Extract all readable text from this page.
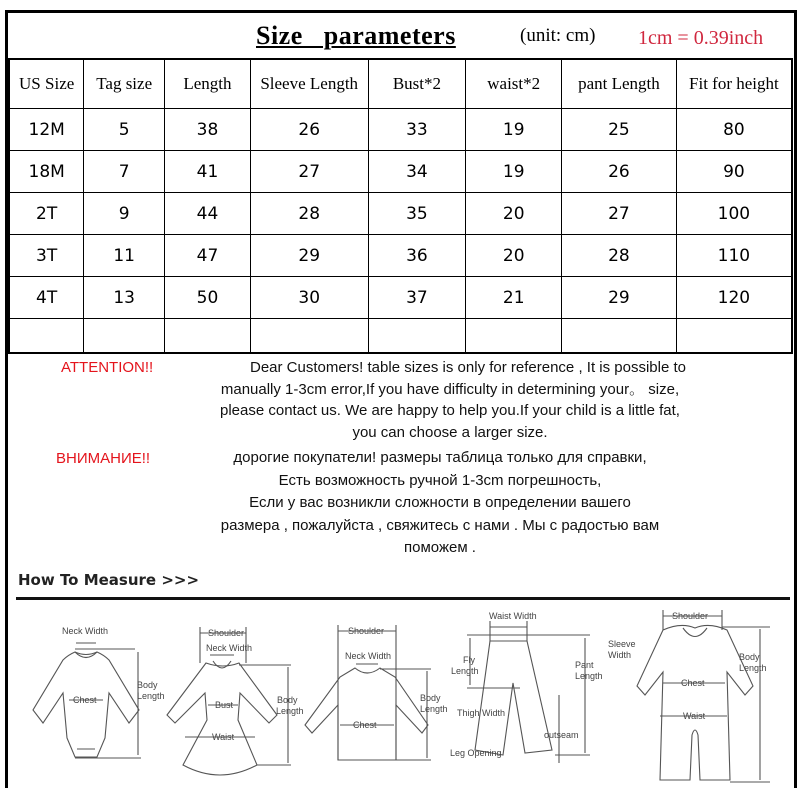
Size   parameters	(unit: cm) 1cm = 0.39inch
US Size	Tag size	Length	Sleeve Length	Bust*2	waist*2	pant Length	Fit for height
12M	5	38	26	33	19	25	80
18M	7	41	27	34	19	26	90
2T	9	44	28	35	20	27	100
3T	11	47	29	36	20	28	110
4T	13	50	30	37	21	29	120

ATTENTION!!	Dear Customers! table sizes is only for reference , It is possible to
manually 1-3cm error,If you have difficulty in determining your。 size,
please contact us. We are happy to help you.If your child is a little fat,
you can choose a larger size.
ВНИМАНИЕ!!	дорогие покупатели! размеры таблица только для справки,
Есть возможность ручной 1-3cm погрешность,
Если у вас возникли сложности в определении вашего
размера , пожалуйста , свяжитесь с нами . Мы с радостью вам
поможем .
How To Measure >>>
Neck Width
Chest
Body
Length
Shoulder
Neck Width
Bust
Waist
Body
Length
Shoulder
Neck Width
Chest
Body
Length
Waist Width
Fly
Length
Pant
Length
Thigh Width
outseam
Leg Opening
Shoulder
Sleeve
Width
Chest
Waist
Body
Length
